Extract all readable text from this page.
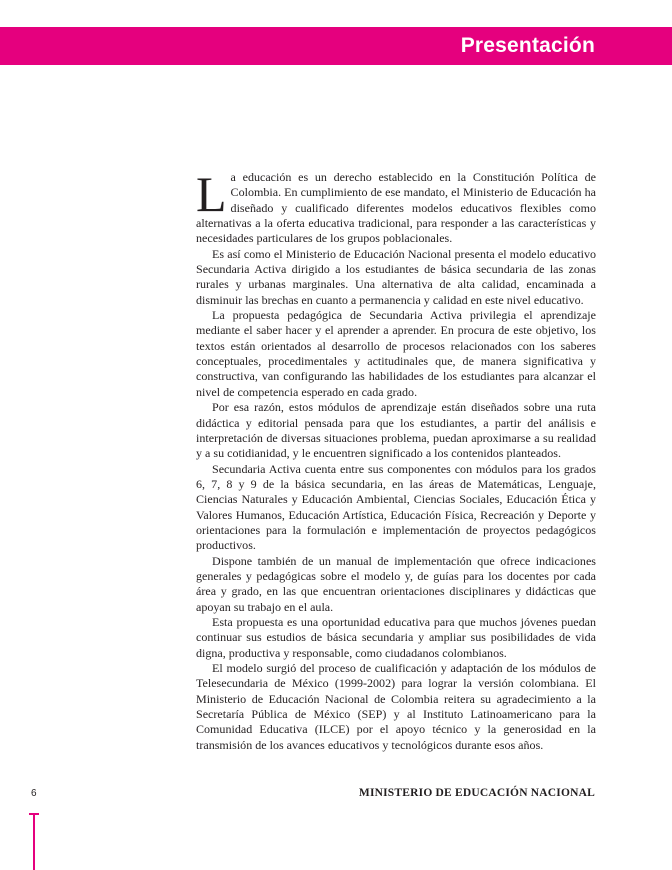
Presentación

La educación es un derecho establecido en la Constitución Política de Colombia. En cumplimiento de ese mandato, el Ministerio de Educación ha diseñado y cualificado diferentes modelos educativos flexibles como alternativas a la oferta educativa tradicional, para responder a las características y necesidades particulares de los grupos poblacionales.

Es así como el Ministerio de Educación Nacional presenta el modelo educativo Secundaria Activa dirigido a los estudiantes de básica secundaria de las zonas rurales y urbanas marginales. Una alternativa de alta calidad, encaminada a disminuir las brechas en cuanto a permanencia y calidad en este nivel educativo.

La propuesta pedagógica de Secundaria Activa privilegia el aprendizaje mediante el saber hacer y el aprender a aprender. En procura de este objetivo, los textos están orientados al desarrollo de procesos relacionados con los saberes conceptuales, procedimentales y actitudinales que, de manera significativa y constructiva, van configurando las habilidades de los estudiantes para alcanzar el nivel de competencia esperado en cada grado.

Por esa razón, estos módulos de aprendizaje están diseñados sobre una ruta didáctica y editorial pensada para que los estudiantes, a partir del análisis e interpretación de diversas situaciones problema, puedan aproximarse a su realidad y a su cotidianidad, y le encuentren significado a los contenidos planteados.

Secundaria Activa cuenta entre sus componentes con módulos para los grados 6, 7, 8 y 9 de la básica secundaria, en las áreas de Matemáticas, Lenguaje, Ciencias Naturales y Educación Ambiental, Ciencias Sociales, Educación Ética y Valores Humanos, Educación Artística, Educación Física, Recreación y Deporte y orientaciones para la formulación e implementación de proyectos pedagógicos productivos.

Dispone también de un manual de implementación que ofrece indicaciones generales y pedagógicas sobre el modelo y, de guías para los docentes por cada área y grado, en las que encuentran orientaciones disciplinares y didácticas que apoyan su trabajo en el aula.

Esta propuesta es una oportunidad educativa para que muchos jóvenes puedan continuar sus estudios de básica secundaria y ampliar sus posibilidades de vida digna, productiva y responsable, como ciudadanos colombianos.

El modelo surgió del proceso de cualificación y adaptación de los módulos de Telesecundaria de México (1999-2002) para lograr la versión colombiana. El Ministerio de Educación Nacional de Colombia reitera su agradecimiento a la Secretaría Pública de México (SEP) y al Instituto Latinoamericano para la Comunidad Educativa (ILCE) por el apoyo técnico y la generosidad en la transmisión de los avances educativos y tecnológicos durante esos años.

6	MINISTERIO DE EDUCACIÓN NACIONAL
